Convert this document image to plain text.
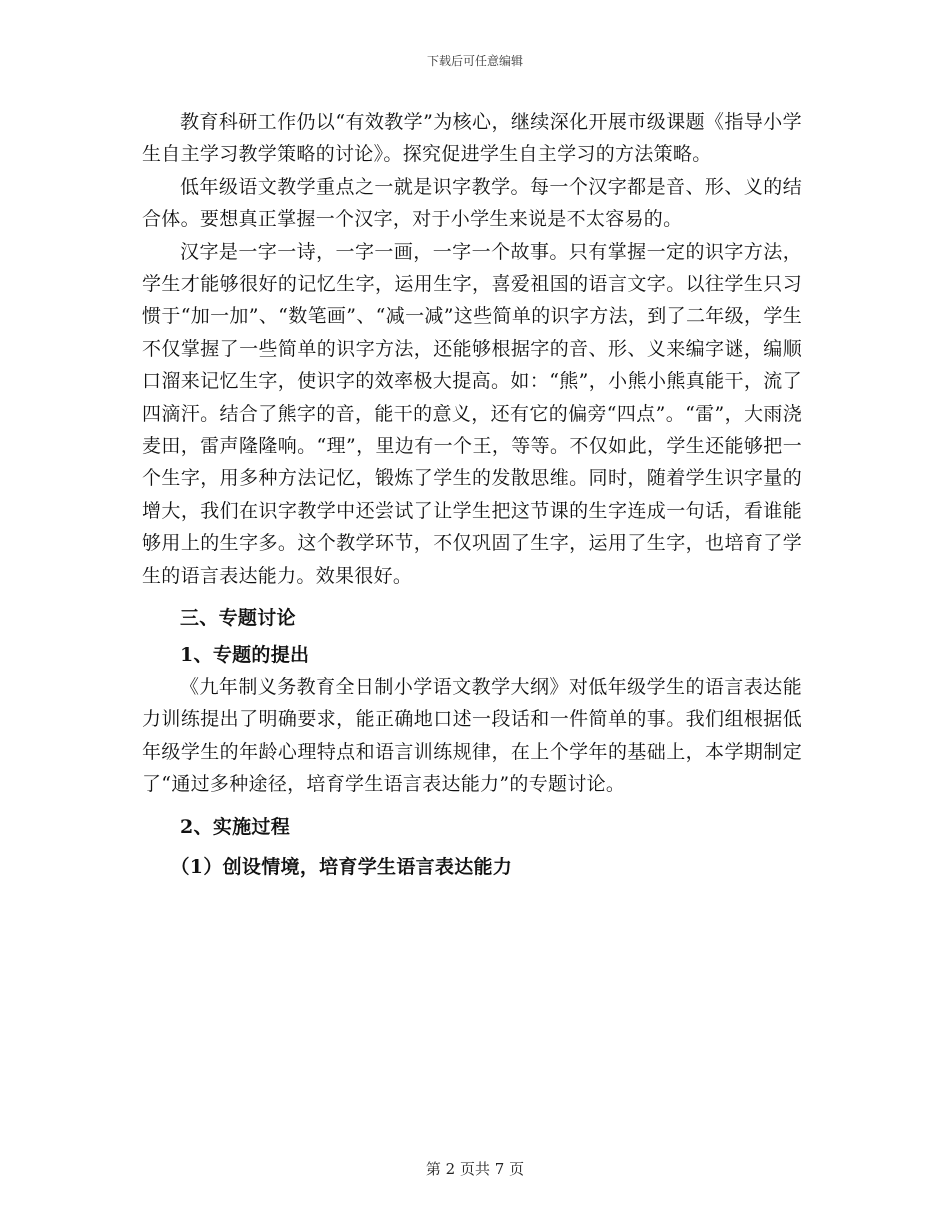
下载后可任意编辑

教育科研工作仍以“有效教学”为核心，继续深化开展市级课题《指导小学生自主学习教学策略的讨论》。探究促进学生自主学习的方法策略。

低年级语文教学重点之一就是识字教学。每一个汉字都是音、形、义的结合体。要想真正掌握一个汉字，对于小学生来说是不太容易的。

汉字是一字一诗，一字一画，一字一个故事。只有掌握一定的识字方法，学生才能够很好的记忆生字，运用生字，喜爱祖国的语言文字。以往学生只习惯于“加一加”、“数笔画”、“减一减”这些简单的识字方法，到了二年级，学生不仅掌握了一些简单的识字方法，还能够根据字的音、形、义来编字谜，编顺口溜来记忆生字，使识字的效率极大提高。如：“熊”，小熊小熊真能干，流了四滴汗。结合了熊字的音，能干的意义，还有它的偏旁“四点”。“雷”，大雨浇麦田，雷声隆隆响。“理”，里边有一个王，等等。不仅如此，学生还能够把一个生字，用多种方法记忆，锻炼了学生的发散思维。同时，随着学生识字量的增大，我们在识字教学中还尝试了让学生把这节课的生字连成一句话，看谁能够用上的生字多。这个教学环节，不仅巩固了生字，运用了生字，也培育了学生的语言表达能力。效果很好。

三、专题讨论

1、专题的提出

《九年制义务教育全日制小学语文教学大纲》对低年级学生的语言表达能力训练提出了明确要求，能正确地口述一段话和一件简单的事。我们组根据低年级学生的年龄心理特点和语言训练规律，在上个学年的基础上，本学期制定了“通过多种途径，培育学生语言表达能力”的专题讨论。

2、实施过程

（1）创设情境，培育学生语言表达能力

第 2 页共 7 页
